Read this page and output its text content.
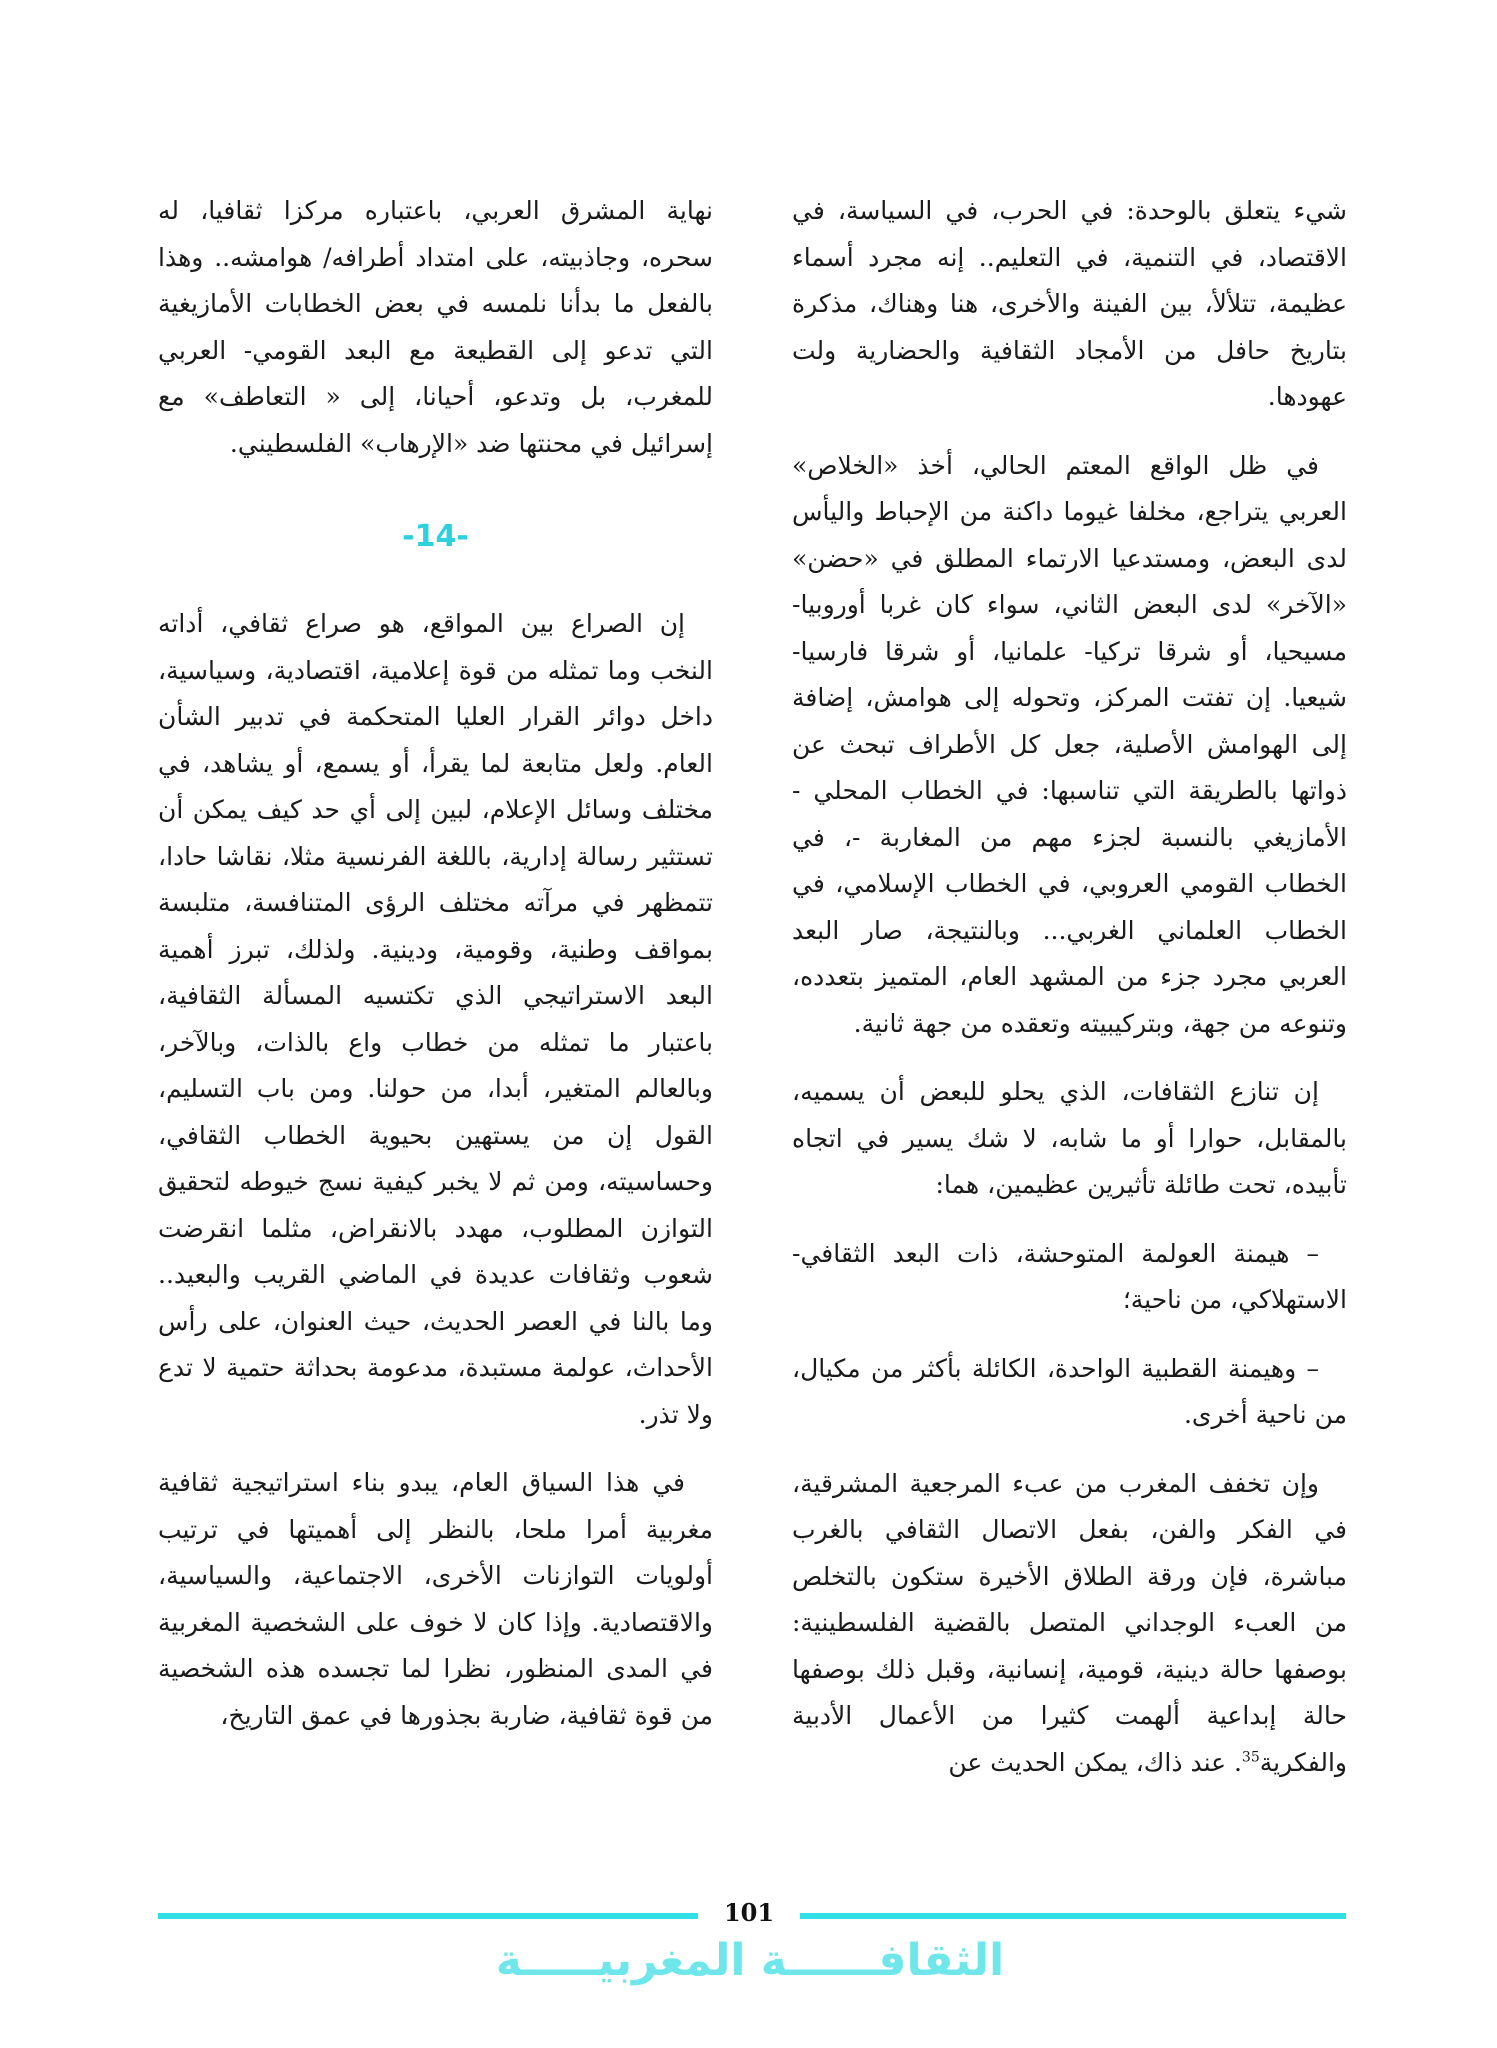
شيء يتعلق بالوحدة: في الحرب، في السياسة، في الاقتصاد، في التنمية، في التعليم.. إنه مجرد أسماء عظيمة، تتلألأ، بين الفينة والأخرى، هنا وهناك، مذكرة بتاريخ حافل من الأمجاد الثقافية والحضارية ولت عهودها.

في ظل الواقع المعتم الحالي، أخذ «الخلاص» العربي يتراجع، مخلفا غيوما داكنة من الإحباط واليأس لدى البعض، ومستدعيا الارتماء المطلق في «حضن» «الآخر» لدى البعض الثاني، سواء كان غربا أوروبيا-مسيحيا، أو شرقا تركيا- علمانيا، أو شرقا فارسيا- شيعيا. إن تفتت المركز، وتحوله إلى هوامش، إضافة إلى الهوامش الأصلية، جعل كل الأطراف تبحث عن ذواتها بالطريقة التي تناسبها: في الخطاب المحلي - الأمازيغي بالنسبة لجزء مهم من المغاربة -، في الخطاب القومي العروبي، في الخطاب الإسلامي، في الخطاب العلماني الغربي... وبالنتيجة، صار البعد العربي مجرد جزء من المشهد العام، المتميز بتعدده، وتنوعه من جهة، وبتركيبيته وتعقده من جهة ثانية.

إن تنازع الثقافات، الذي يحلو للبعض أن يسميه، بالمقابل، حوارا أو ما شابه، لا شك يسير في اتجاه تأبيده، تحت طائلة تأثيرين عظيمين، هما:

– هيمنة العولمة المتوحشة، ذات البعد الثقافي- الاستهلاكي، من ناحية؛

– وهيمنة القطبية الواحدة، الكائلة بأكثر من مكيال، من ناحية أخرى.

وإن تخفف المغرب من عبء المرجعية المشرقية، في الفكر والفن، بفعل الاتصال الثقافي بالغرب مباشرة، فإن ورقة الطلاق الأخيرة ستكون بالتخلص من العبء الوجداني المتصل بالقضية الفلسطينية: بوصفها حالة دينية، قومية، إنسانية، وقبل ذلك بوصفها حالة إبداعية ألهمت كثيرا من الأعمال الأدبية والفكرية$^{35}$. عند ذاك، يمكن الحديث عن

نهاية المشرق العربي، باعتباره مركزا ثقافيا، له سحره، وجاذبيته، على امتداد أطرافه/ هوامشه.. وهذا بالفعل ما بدأنا نلمسه في بعض الخطابات الأمازيغية التي تدعو إلى القطيعة مع البعد القومي- العربي للمغرب، بل وتدعو، أحيانا، إلى « التعاطف» مع إسرائيل في محنتها ضد «الإرهاب» الفلسطيني.

-14-

إن الصراع بين المواقع، هو صراع ثقافي، أداته النخب وما تمثله من قوة إعلامية، اقتصادية، وسياسية، داخل دوائر القرار العليا المتحكمة في تدبير الشأن العام. ولعل متابعة لما يقرأ، أو يسمع، أو يشاهد، في مختلف وسائل الإعلام، لبين إلى أي حد كيف يمكن أن تستثير رسالة إدارية، باللغة الفرنسية مثلا، نقاشا حادا، تتمظهر في مرآته مختلف الرؤى المتنافسة، متلبسة بمواقف وطنية، وقومية، ودينية. ولذلك، تبرز أهمية البعد الاستراتيجي الذي تكتسيه المسألة الثقافية، باعتبار ما تمثله من خطاب واع بالذات، وبالآخر، وبالعالم المتغير، أبدا، من حولنا. ومن باب التسليم، القول إن من يستهين بحيوية الخطاب الثقافي، وحساسيته، ومن ثم لا يخبر كيفية نسج خيوطه لتحقيق التوازن المطلوب، مهدد بالانقراض، مثلما انقرضت شعوب وثقافات عديدة في الماضي القريب والبعيد.. وما بالنا في العصر الحديث، حيث العنوان، على رأس الأحداث، عولمة مستبدة، مدعومة بحداثة حتمية لا تدع ولا تذر.

في هذا السياق العام، يبدو بناء استراتيجية ثقافية مغربية أمرا ملحا، بالنظر إلى أهميتها في ترتيب أولويات التوازنات الأخرى، الاجتماعية، والسياسية، والاقتصادية. وإذا كان لا خوف على الشخصية المغربية في المدى المنظور، نظرا لما تجسده هذه الشخصية من قوة ثقافية، ضاربة بجذورها في عمق التاريخ،

101
الثقافــــــة المغربيـــــة
